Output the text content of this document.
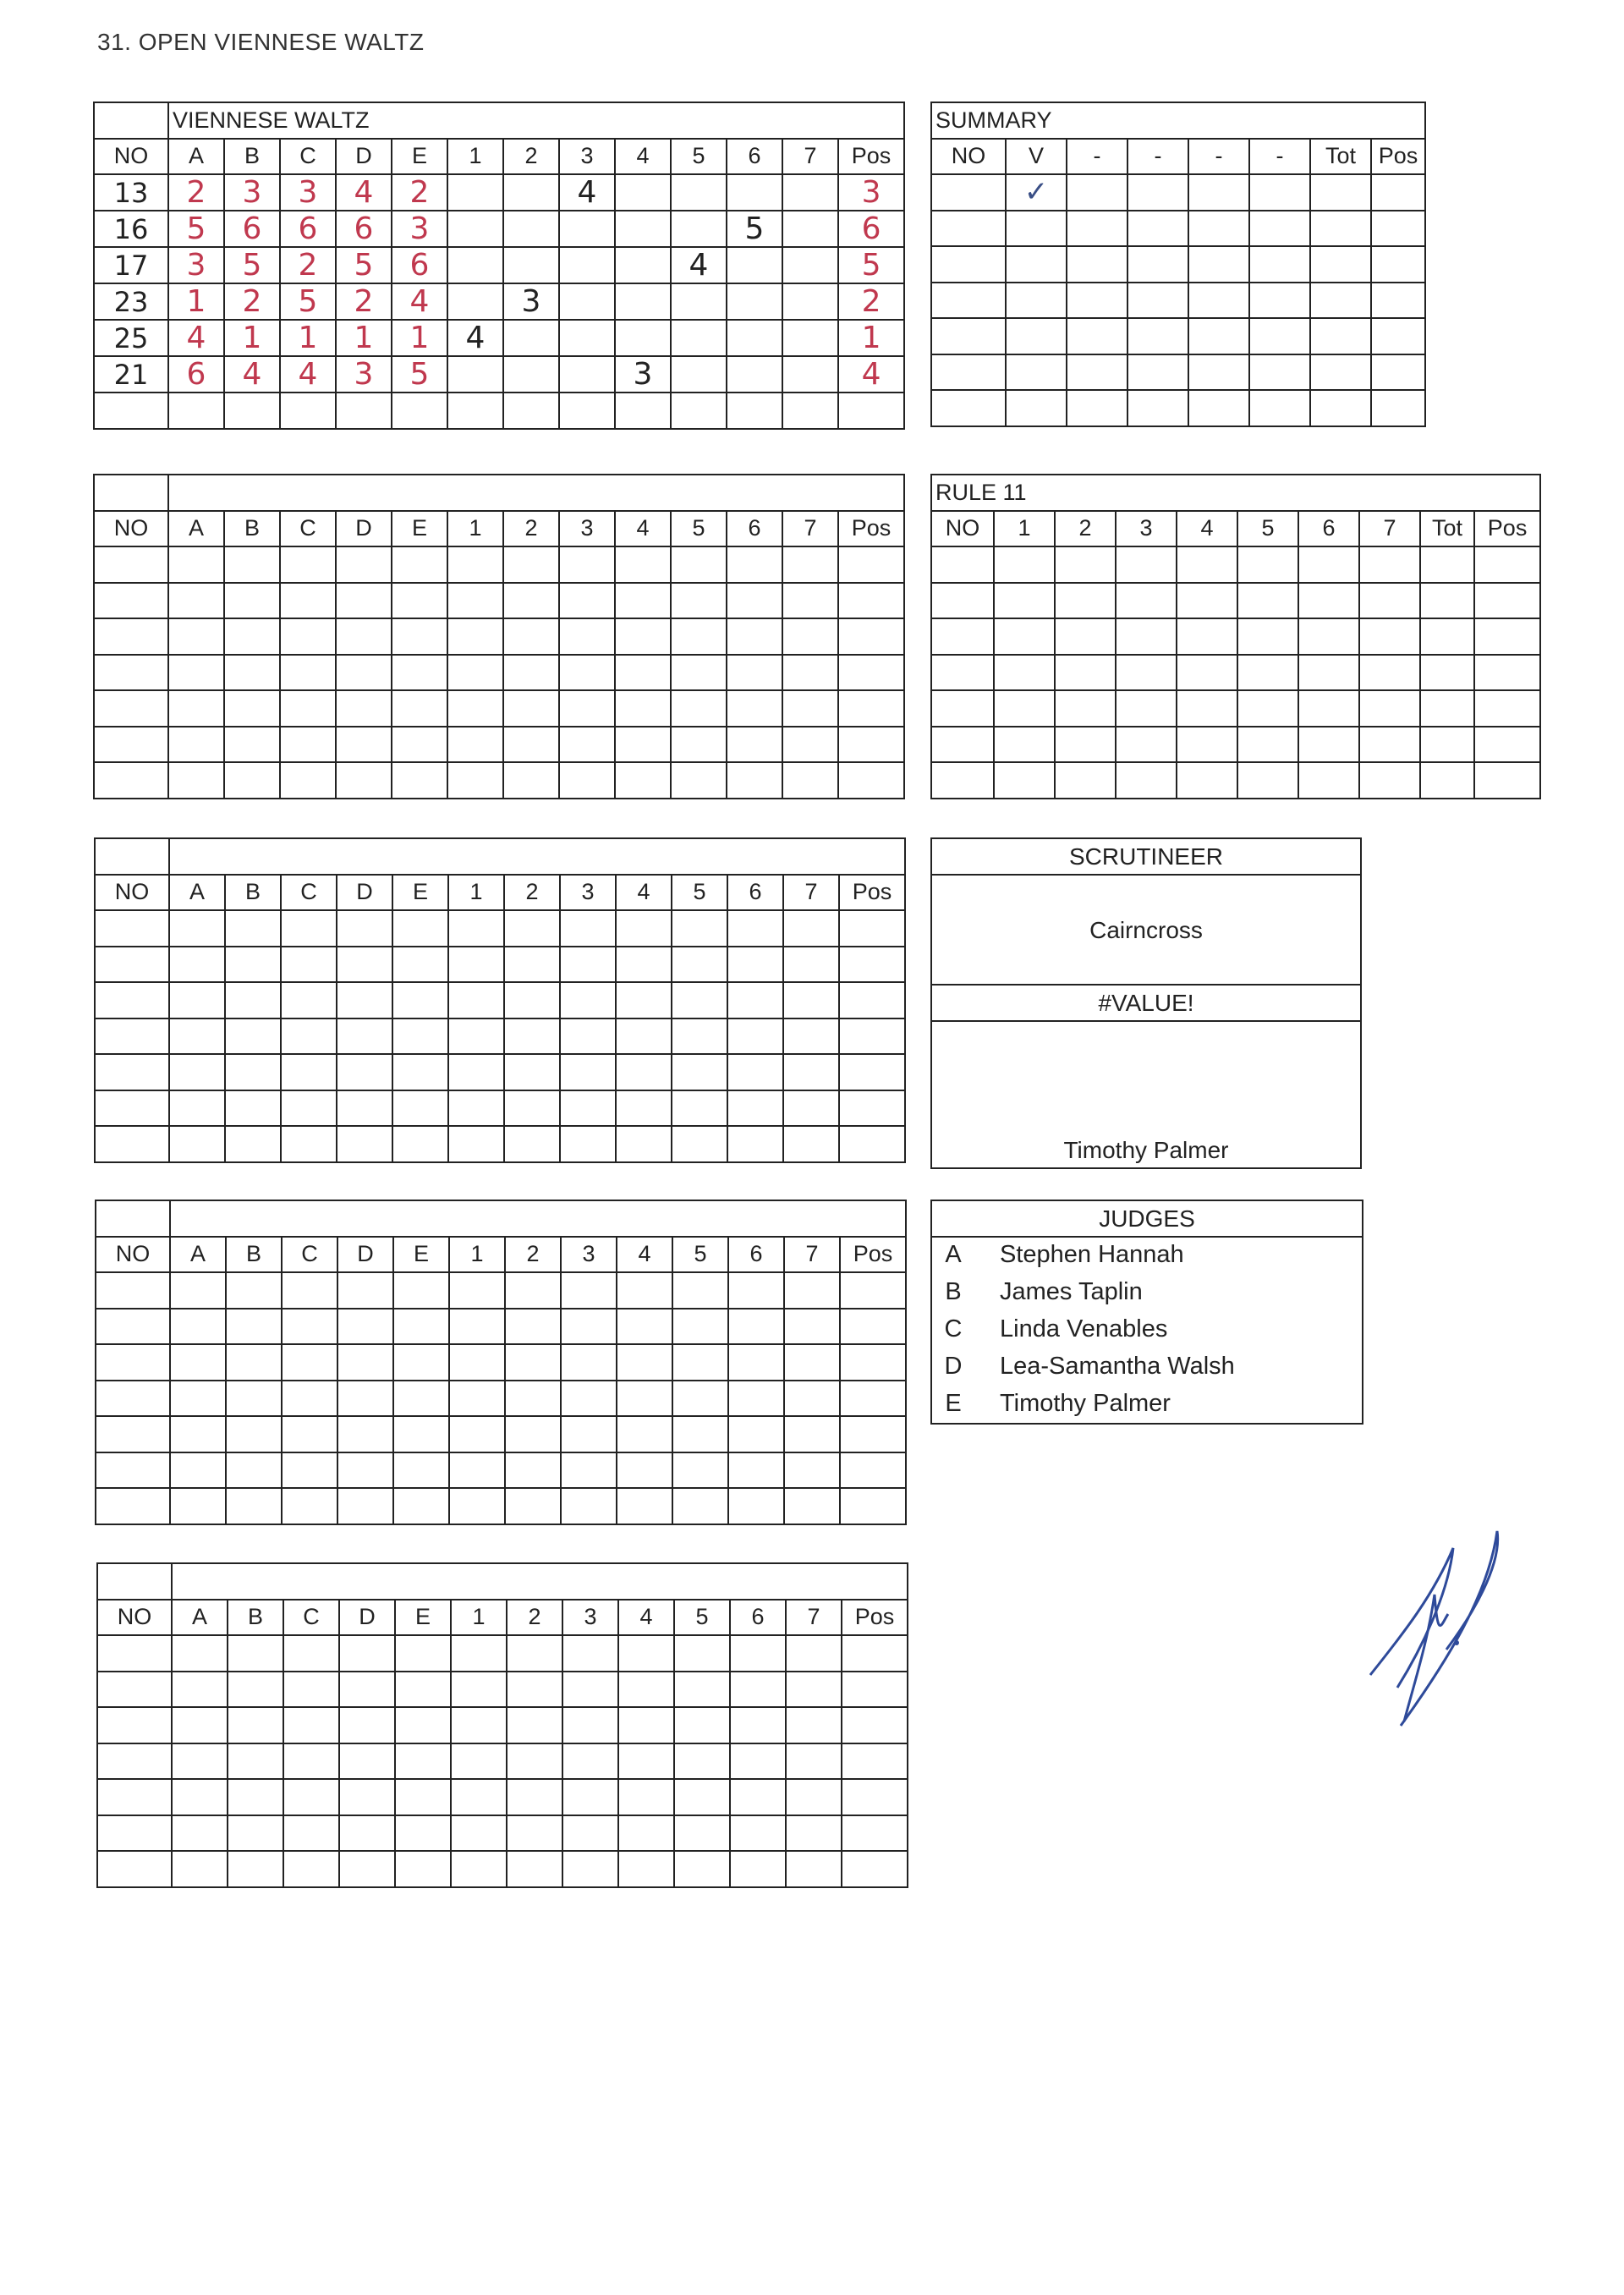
31. OPEN VIENNESE WALTZ
	VIENNESE WALTZ												
NO	A	B	C	D	E	1	2	3	4	5	6	7	Pos
13	2	3	3	4	2			4					3
16	5	6	6	6	3						5		6
17	3	5	2	5	6					4			5
23	1	2	5	2	4		3						2
25	4	1	1	1	1	4							1
21	6	4	4	3	5				3				4

NO	A	B	C	D	E	1	2	3	4	5	6	7	Pos

NO	A	B	C	D	E	1	2	3	4	5	6	7	Pos

NO	A	B	C	D	E	1	2	3	4	5	6	7	Pos

NO	A	B	C	D	E	1	2	3	4	5	6	7	Pos

SUMMARY							
NO	V	-	-	-	-	Tot	Pos
	✓						

RULE 11									
NO	1	2	3	4	5	6	7	Tot	Pos

SCRUTINEER
Cairncross
#VALUE!
Timothy Palmer
JUDGES
A	Stephen Hannah
B	James Taplin
C	Linda Venables
D	Lea-Samantha Walsh
E	Timothy Palmer
